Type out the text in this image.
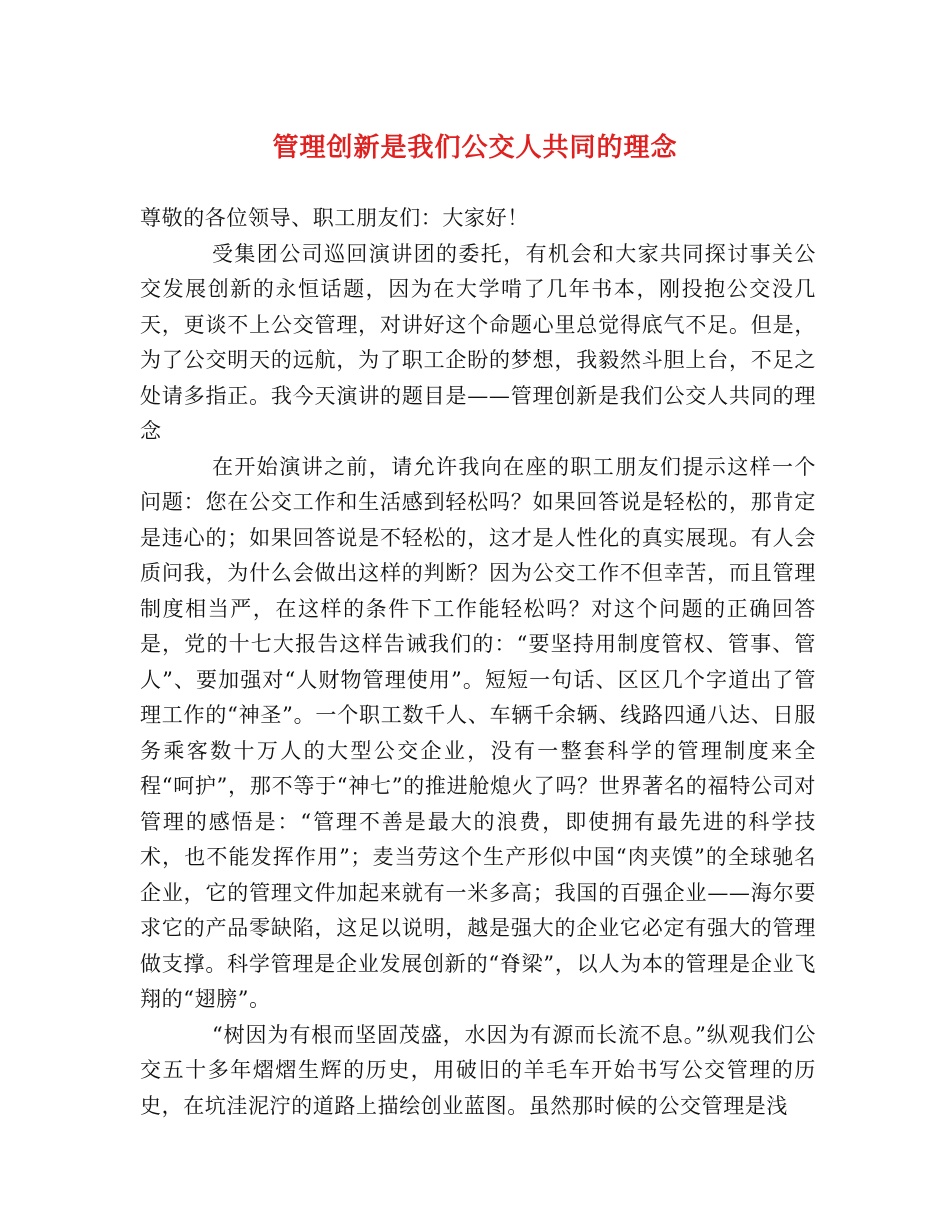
管理创新是我们公交人共同的理念

尊敬的各位领导、职工朋友们：大家好！

受集团公司巡回演讲团的委托，有机会和大家共同探讨事关公交发展创新的永恒话题，因为在大学啃了几年书本，刚投抱公交没几天，更谈不上公交管理，对讲好这个命题心里总觉得底气不足。但是，为了公交明天的远航，为了职工企盼的梦想，我毅然斗胆上台，不足之处请多指正。我今天演讲的题目是——管理创新是我们公交人共同的理念

在开始演讲之前，请允许我向在座的职工朋友们提示这样一个问题：您在公交工作和生活感到轻松吗？如果回答说是轻松的，那肯定是违心的；如果回答说是不轻松的，这才是人性化的真实展现。有人会质问我，为什么会做出这样的判断？因为公交工作不但幸苦，而且管理制度相当严，在这样的条件下工作能轻松吗？对这个问题的正确回答是，党的十七大报告这样告诫我们的：“要坚持用制度管权、管事、管人”、要加强对“人财物管理使用”。短短一句话、区区几个字道出了管理工作的“神圣”。一个职工数千人、车辆千余辆、线路四通八达、日服务乘客数十万人的大型公交企业，没有一整套科学的管理制度来全程“呵护”，那不等于“神七”的推进舱熄火了吗？世界著名的福特公司对管理的感悟是：“管理不善是最大的浪费，即使拥有最先进的科学技术，也不能发挥作用”；麦当劳这个生产形似中国“肉夹馍”的全球驰名企业，它的管理文件加起来就有一米多高；我国的百强企业——海尔要求它的产品零缺陷，这足以说明，越是强大的企业它必定有强大的管理做支撑。科学管理是企业发展创新的“脊梁”，以人为本的管理是企业飞翔的“翅膀”。

“树因为有根而坚固茂盛，水因为有源而长流不息。”纵观我们公交五十多年熠熠生辉的历史，用破旧的羊毛车开始书写公交管理的历史，在坑洼泥泞的道路上描绘创业蓝图。虽然那时候的公交管理是浅
